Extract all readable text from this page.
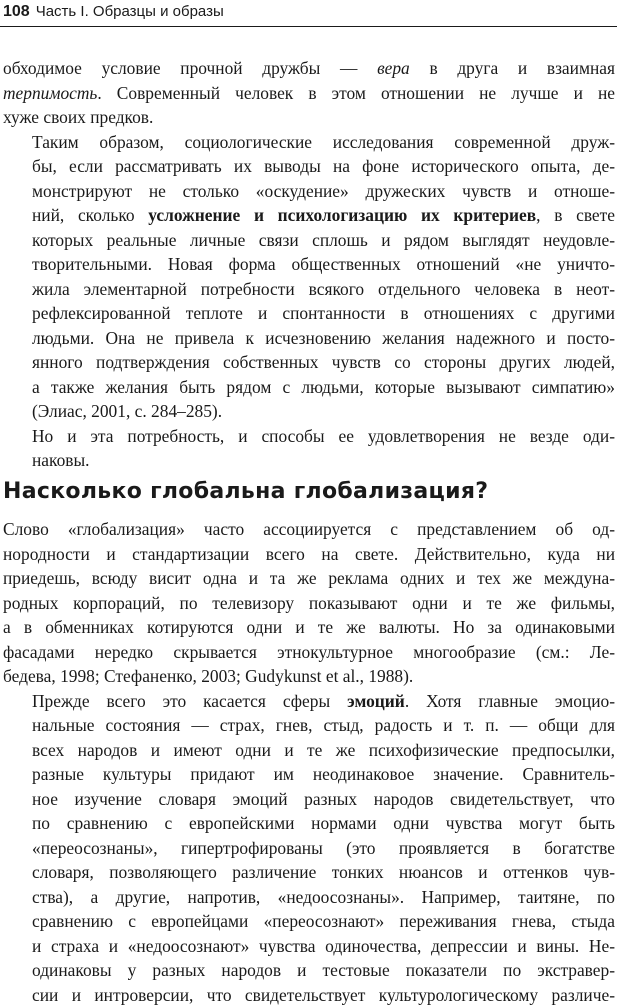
108 Часть I. Образцы и образы

обходимое условие прочной дружбы — вера в друга и взаимная
терпимость. Современный человек в этом отношении не лучше и не
хуже своих предков.

Таким образом, социологические исследования современной друж-
бы, если рассматривать их выводы на фоне исторического опыта, де-
монстрируют не столько «оскудение» дружеских чувств и отноше-
ний, сколько усложнение и психологизацию их критериев, в свете
которых реальные личные связи сплошь и рядом выглядят неудовле-
творительными. Новая форма общественных отношений «не уничто-
жила элементарной потребности всякого отдельного человека в неот-
рефлексированной теплоте и спонтанности в отношениях с другими
людьми. Она не привела к исчезновению желания надежного и посто-
янного подтверждения собственных чувств со стороны других людей,
а также желания быть рядом с людьми, которые вызывают симпатию»
(Элиас, 2001, с. 284–285).

Но и эта потребность, и способы ее удовлетворения не везде оди-
наковы.

Насколько глобальна глобализация?

Слово «глобализация» часто ассоциируется с представлением об од-
нородности и стандартизации всего на свете. Действительно, куда ни
приедешь, всюду висит одна и та же реклама одних и тех же междуна-
родных корпораций, по телевизору показывают одни и те же фильмы,
а в обменниках котируются одни и те же валюты. Но за одинаковыми
фасадами нередко скрывается этнокультурное многообразие (см.: Ле-
бедева, 1998; Стефаненко, 2003; Gudykunst et al., 1988).

Прежде всего это касается сферы эмоций. Хотя главные эмоцио-
нальные состояния — страх, гнев, стыд, радость и т. п. — общи для
всех народов и имеют одни и те же психофизические предпосылки,
разные культуры придают им неодинаковое значение. Сравнитель-
ное изучение словаря эмоций разных народов свидетельствует, что
по сравнению с европейскими нормами одни чувства могут быть
«переосознаны», гипертрофированы (это проявляется в богатстве
словаря, позволяющего различение тонких нюансов и оттенков чув-
ства), а другие, напротив, «недоосознаны». Например, таитяне, по
сравнению с европейцами «переосознают» переживания гнева, стыда
и страха и «недоосознают» чувства одиночества, депрессии и вины. Не-
одинаковы у разных народов и тестовые показатели по экстравер-
сии и интроверсии, что свидетельствует культурологическому различе-
